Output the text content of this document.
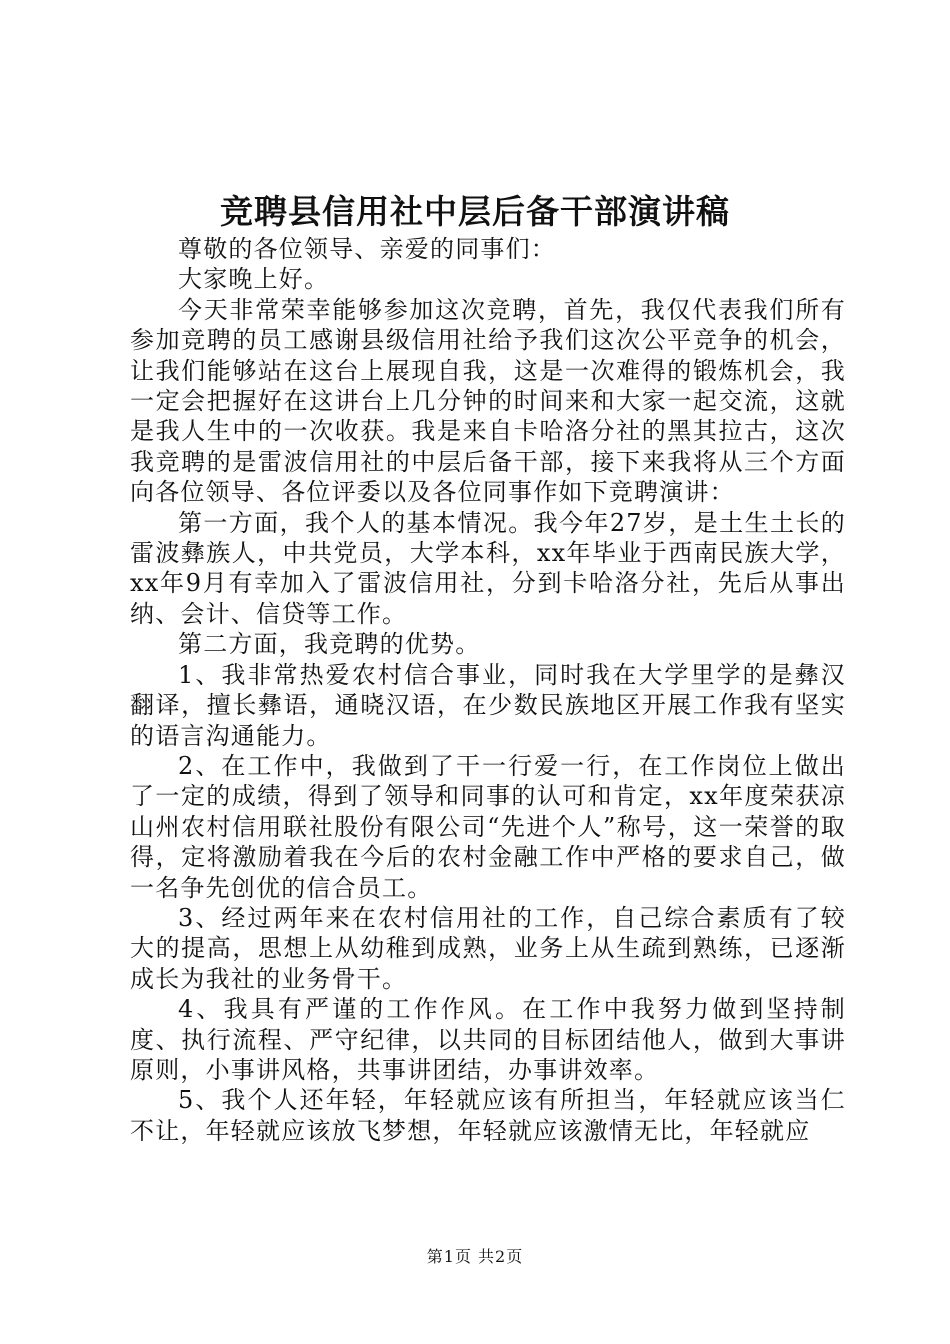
竞聘县信用社中层后备干部演讲稿

尊敬的各位领导、亲爱的同事们：

大家晚上好。

今天非常荣幸能够参加这次竞聘，首先，我仅代表我们所有参加竞聘的员工感谢县级信用社给予我们这次公平竞争的机会，让我们能够站在这台上展现自我，这是一次难得的锻炼机会，我一定会把握好在这讲台上几分钟的时间来和大家一起交流，这就是我人生中的一次收获。我是来自卡哈洛分社的黑其拉古，这次我竞聘的是雷波信用社的中层后备干部，接下来我将从三个方面向各位领导、各位评委以及各位同事作如下竞聘演讲：

第一方面，我个人的基本情况。我今年27岁，是土生土长的雷波彝族人，中共党员，大学本科，xx年毕业于西南民族大学，xx年9月有幸加入了雷波信用社，分到卡哈洛分社，先后从事出纳、会计、信贷等工作。

第二方面，我竞聘的优势。

1、我非常热爱农村信合事业，同时我在大学里学的是彝汉翻译，擅长彝语，通晓汉语，在少数民族地区开展工作我有坚实的语言沟通能力。

2、在工作中，我做到了干一行爱一行，在工作岗位上做出了一定的成绩，得到了领导和同事的认可和肯定，xx年度荣获凉山州农村信用联社股份有限公司“先进个人”称号，这一荣誉的取得，定将激励着我在今后的农村金融工作中严格的要求自己，做一名争先创优的信合员工。

3、经过两年来在农村信用社的工作，自己综合素质有了较大的提高，思想上从幼稚到成熟，业务上从生疏到熟练，已逐渐成长为我社的业务骨干。

4、我具有严谨的工作作风。在工作中我努力做到坚持制度、执行流程、严守纪律，以共同的目标团结他人，做到大事讲原则，小事讲风格，共事讲团结，办事讲效率。

5、我个人还年轻，年轻就应该有所担当，年轻就应该当仁不让，年轻就应该放飞梦想，年轻就应该激情无比，年轻就应

第1页 共2页
